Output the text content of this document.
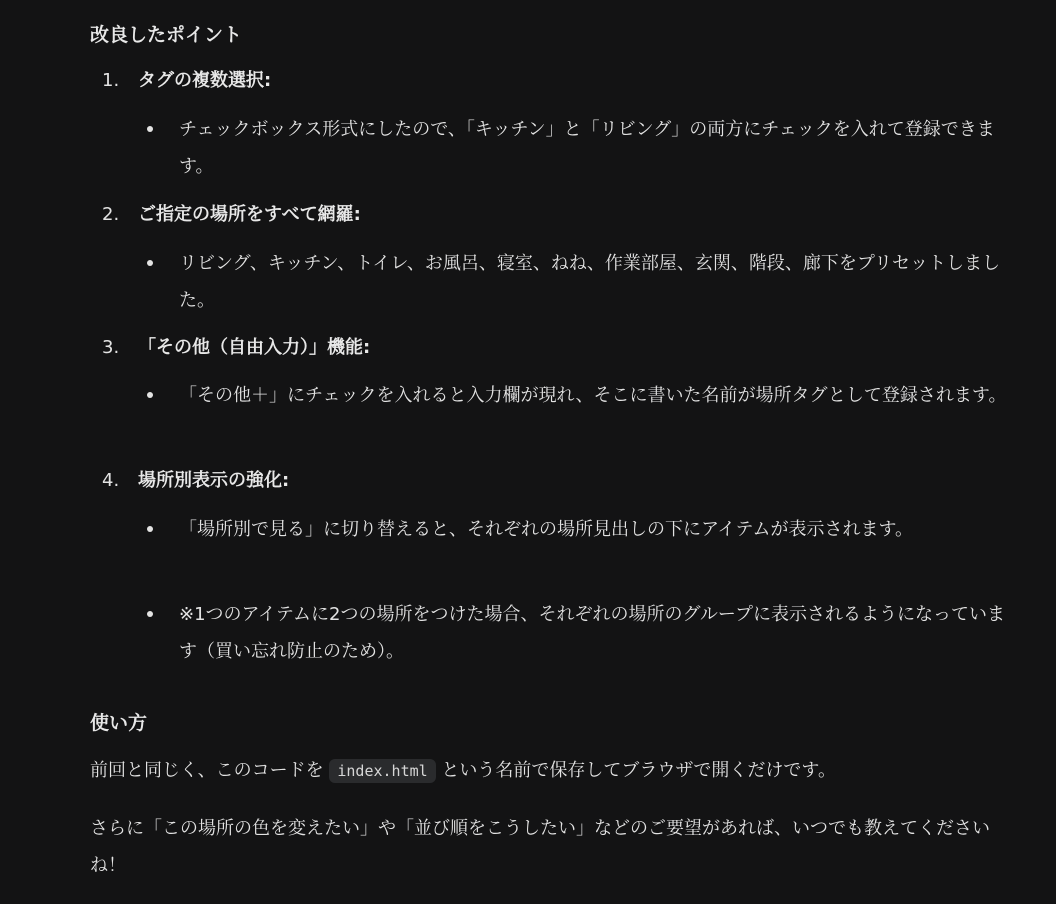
改良したポイント
1. タグの複数選択:
チェックボックス形式にしたので、「キッチン」と「リビング」の両方にチェックを入れて登録できます。
2. ご指定の場所をすべて網羅:
リビング、キッチン、トイレ、お風呂、寝室、ねね、作業部屋、玄関、階段、廊下をプリセットしました。
3. 「その他（自由入力）」機能:
「その他＋」にチェックを入れると入力欄が現れ、そこに書いた名前が場所タグとして登録されます。
4. 場所別表示の強化:
「場所別で見る」に切り替えると、それぞれの場所見出しの下にアイテムが表示されます。
※1つのアイテムに2つの場所をつけた場合、それぞれの場所のグループに表示されるようになっています（買い忘れ防止のため）。
使い方
前回と同じく、このコードを index.html という名前で保存してブラウザで開くだけです。
さらに「この場所の色を変えたい」や「並び順をこうしたい」などのご要望があれば、いつでも教えてくださいね！
